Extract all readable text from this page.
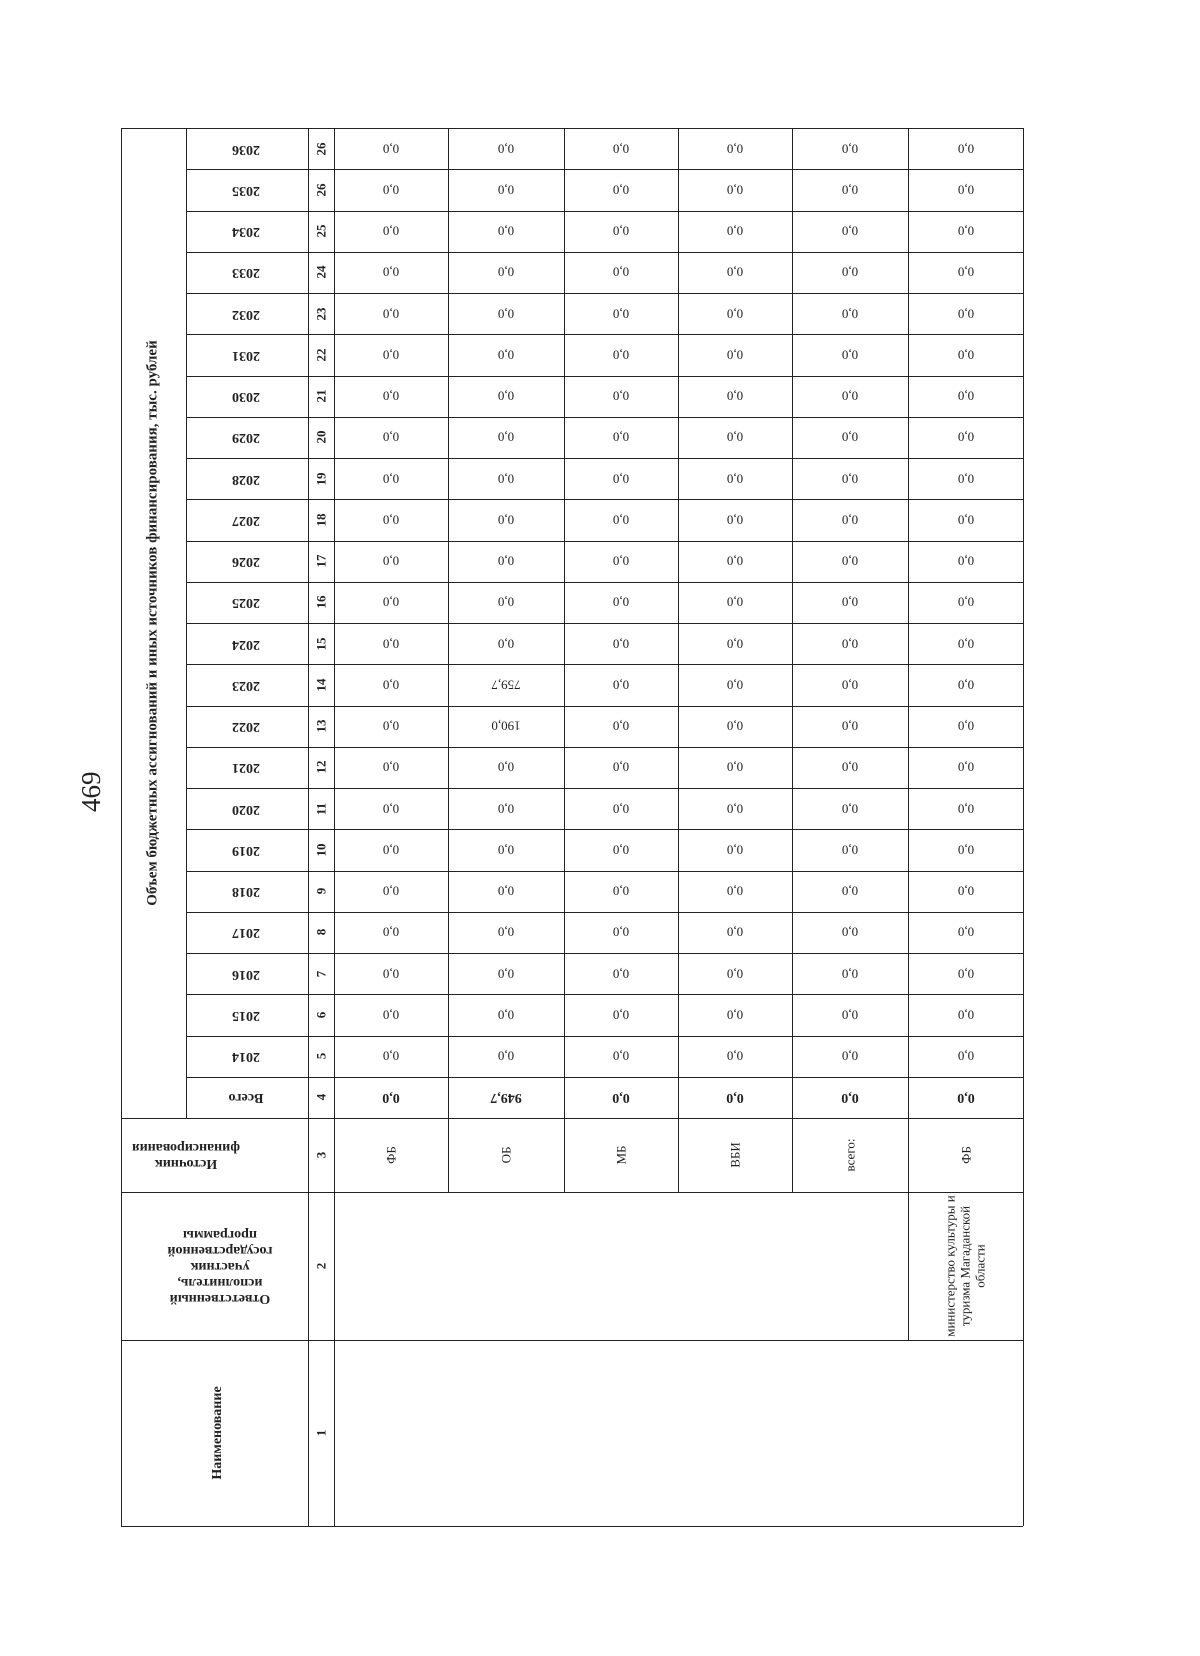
469	Объем бюджетных ассигнований и иных источников финансирования, тыс. рублей
Источник финансирования
Ответственный исполнитель, участник государственной программы
Наименование
Всего
2014
2015
2016
2017
2018
2019
2020
2021
2022
2023
2024
2025
2026
2027
2028
2029
2030
2031
2032
2033
2034
2035
2036
1
2
3
4
5
6
7
8
9
10
11
12
13
14
15
16
17
18
19
20
21
22
23
24
25
26
26
ФБ
0,0
0,0
0,0
0,0
0,0
0,0
0,0
0,0
0,0
0,0
0,0
0,0
0,0
0,0
0,0
0,0
0,0
0,0
0,0
0,0
0,0
0,0
0,0
0,0
ОБ
949,7
0,0
0,0
0,0
0,0
0,0
0,0
0,0
0,0
190,0
759,7
0,0
0,0
0,0
0,0
0,0
0,0
0,0
0,0
0,0
0,0
0,0
0,0
0,0
МБ
0,0
0,0
0,0
0,0
0,0
0,0
0,0
0,0
0,0
0,0
0,0
0,0
0,0
0,0
0,0
0,0
0,0
0,0
0,0
0,0
0,0
0,0
0,0
0,0
ВБИ
0,0
0,0
0,0
0,0
0,0
0,0
0,0
0,0
0,0
0,0
0,0
0,0
0,0
0,0
0,0
0,0
0,0
0,0
0,0
0,0
0,0
0,0
0,0
0,0
всего:
0,0
0,0
0,0
0,0
0,0
0,0
0,0
0,0
0,0
0,0
0,0
0,0
0,0
0,0
0,0
0,0
0,0
0,0
0,0
0,0
0,0
0,0
0,0
0,0
ФБ
0,0
0,0
0,0
0,0
0,0
0,0
0,0
0,0
0,0
0,0
0,0
0,0
0,0
0,0
0,0
0,0
0,0
0,0
0,0
0,0
0,0
0,0
0,0
0,0
министерство культуры и туризма Магаданской области
